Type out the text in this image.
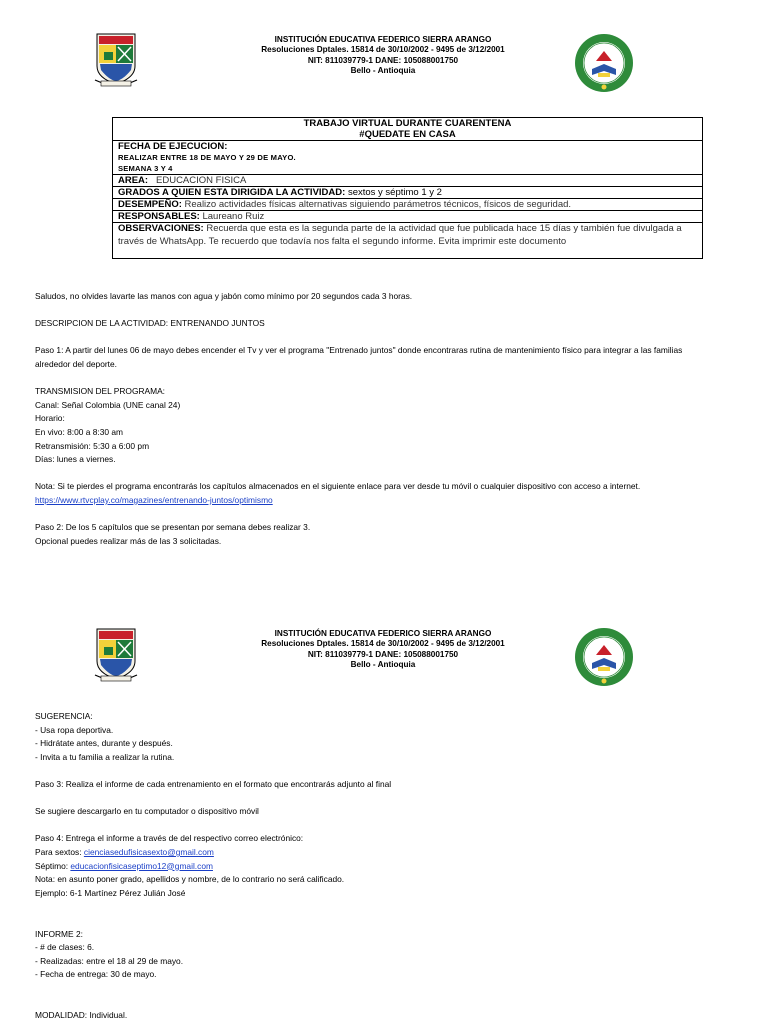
INSTITUCIÓN EDUCATIVA FEDERICO SIERRA ARANGO
Resoluciones Dptales. 15814 de 30/10/2002 - 9495 de 3/12/2001
NIT: 811039779-1 DANE: 105088001750
Bello - Antioquia
TRABAJO VIRTUAL DURANTE CUARENTENA
#QUEDATE EN CASA

FECHA DE EJECUCION:
REALIZAR ENTRE 18 DE MAYO Y 29 DE MAYO.
SEMANA 3 Y 4

AREA: EDUCACION FISICA
GRADOS A QUIEN ESTA DIRIGIDA LA ACTIVIDAD: sextos y séptimo 1 y 2
DESEMPEÑO: Realizo actividades físicas alternativas siguiendo parámetros técnicos, físicos de seguridad.
RESPONSABLES: Laureano Ruiz
OBSERVACIONES: Recuerda que esta es la segunda parte de la actividad que fue publicada hace 15 días y también fue divulgada a
través de WhatsApp. Te recuerdo que todavía nos falta el segundo informe. Evita imprimir este documento
Saludos, no olvides lavarte las manos con agua y jabón como mínimo por 20 segundos cada 3 horas.
DESCRIPCION DE LA ACTIVIDAD: ENTRENANDO JUNTOS
Paso 1: A partir del lunes 06 de mayo debes encender el Tv y ver el programa "Entrenado juntos" donde encontraras rutina de mantenimiento físico para integrar a las familias
alrededor del deporte.
TRANSMISION DEL PROGRAMA:
Canal: Señal Colombia (UNE canal 24)
Horario:
En vivo: 8:00 a 8:30 am
Retransmisión: 5:30 a 6:00 pm
Días: lunes a viernes.
Nota: Si te pierdes el programa encontrarás los capítulos almacenados en el siguiente enlace para ver desde tu móvil o cualquier dispositivo con acceso a internet.
https://www.rtvcplay.co/magazines/entrenando-juntos/optimismo
Paso 2: De los 5 capítulos que se presentan por semana debes realizar 3.
Opcional puedes realizar más de las 3 solicitadas.
INSTITUCIÓN EDUCATIVA FEDERICO SIERRA ARANGO
Resoluciones Dptales. 15814 de 30/10/2002 - 9495 de 3/12/2001
NIT: 811039779-1 DANE: 105088001750
Bello - Antioquia
SUGERENCIA:
- Usa ropa deportiva.
- Hidrátate antes, durante y después.
- Invita a tu familia a realizar la rutina.
Paso 3: Realiza el informe de cada entrenamiento en el formato que encontrarás adjunto al final
Se sugiere descargarlo en tu computador o dispositivo móvil
Paso 4: Entrega el informe a través de del respectivo correo electrónico:
Para sextos: cienciasedufisicasexto@gmail.com
Séptimo: educacionfisicaseptimo12@gmail.com
Nota: en asunto poner grado, apellidos y nombre, de lo contrario no será calificado.
Ejemplo: 6-1 Martínez Pérez Julián José
INFORME 2:
- # de clases: 6.
- Realizadas: entre el 18 al 29 de mayo.
- Fecha de entrega: 30 de mayo.
MODALIDAD: Individual.
